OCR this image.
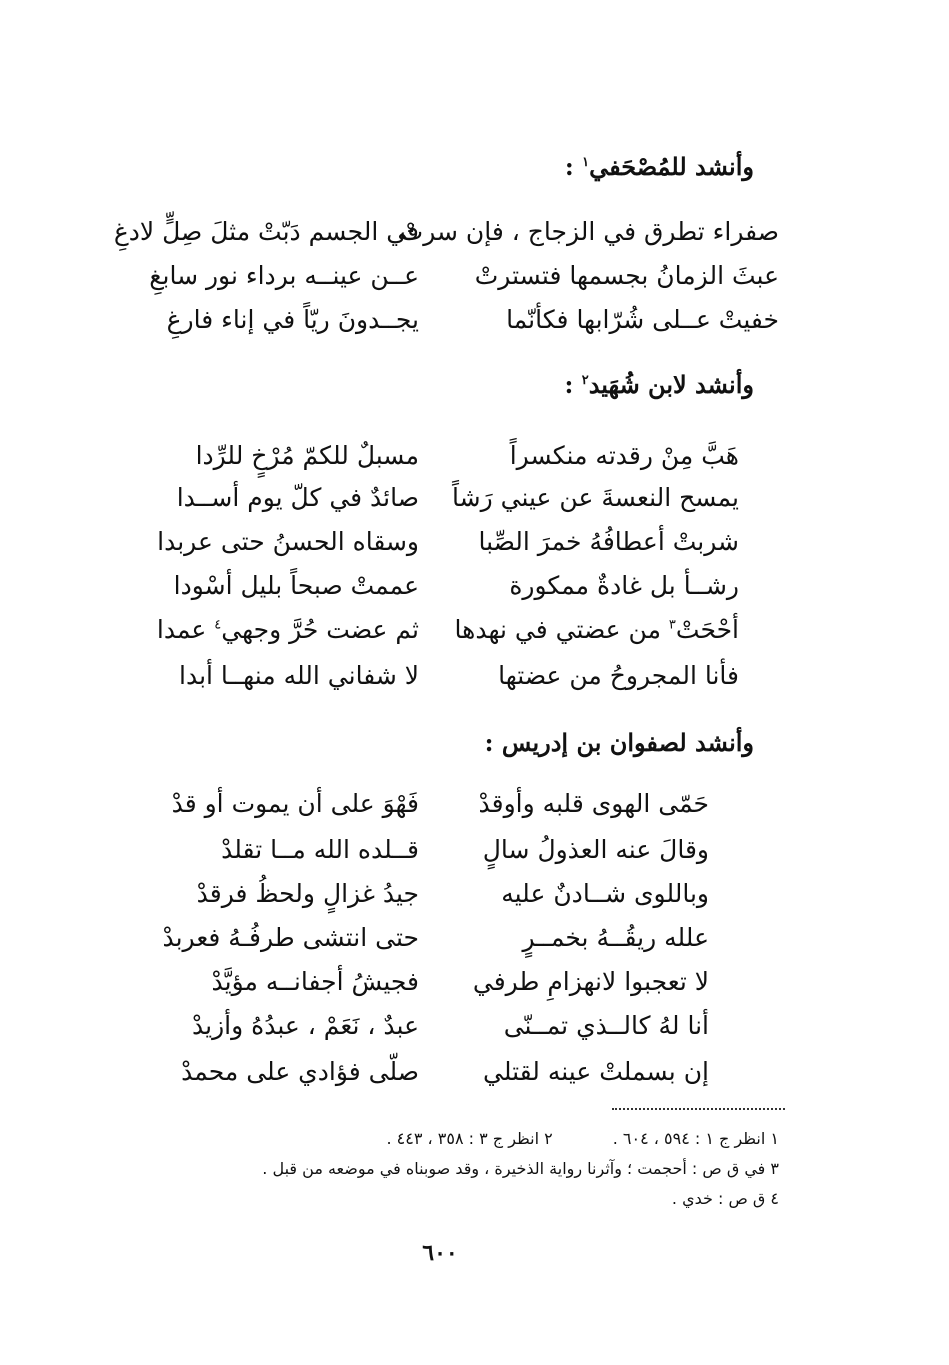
وأنشد للمُصْحَفي$^١$ :
صفراء تطرق في الزجاج ، فإن سرتْ
في الجسم دَبّتْ مثلَ صِلٍّ لادغِ
عبثَ الزمانُ بجسمها فتسترتْ
عــن عينــه برداء نور سابغِ
خفيتْ عــلى شُرّابها فكأنّما
يجــدونَ ريّاً في إناء فارغِ
وأنشد لابن شُهَيد$^٢$ :
هَبَّ مِنْ رقدته منكسراً
مسبلٌ للكمّ مُرْخٍ للرِّدا
يمسح النعسةَ عن عيني رَشاً
صائدٌ في كلّ يوم أســدا
شربتْ أعطافُهُ خمرَ الصِّبا
وسقاه الحسنُ حتى عربدا
رشــأ بل غادةٌ ممكورة
عممتْ صبحاً بليل أسْودا
أحْحَتْ$^٣$ من عضتي في نهدها
ثم عضت حُرَّ وجهي$^٤$ عمدا
فأنا المجروحُ من عضتها
لا شفاني الله منهــا أبدا
وأنشد لصفوان بن إدريس :
حَمّى الهوى قلبه وأوقدْ
فَهْوَ على أن يموت أو قدْ
وقالَ عنه العذولُ سالٍ
قــلده الله مــا تقلدْ
وباللوى شــادنٌ عليه
جيدُ غزالٍ ولحظُ فرقدْ
علله ريقُــهُ بخمــرٍ
حتى انتشى طرفُـهُ فعربدْ
لا تعجبوا لانهزامِ طرفي
فجيشُ أجفانــه مؤيَّدْ
أنا لهُ كالــذي تمــنّى
عبدٌ ، نَعَمْ ، عبدُهُ وأزيدْ
إن بسملتْ عينه لقتلي
صلّى فؤادي على محمدْ
١ انظر ج ١ : ٥٩٤ ، ٦٠٤ .٢ انظر ج ٣ : ٣٥٨ ، ٤٤٣ .
٣ في ق ص : أحجمت ؛ وآثرنا رواية الذخيرة ، وقد صوبناه في موضعه من قبل .
٤ ق ص : خدي .
٦٠٠
